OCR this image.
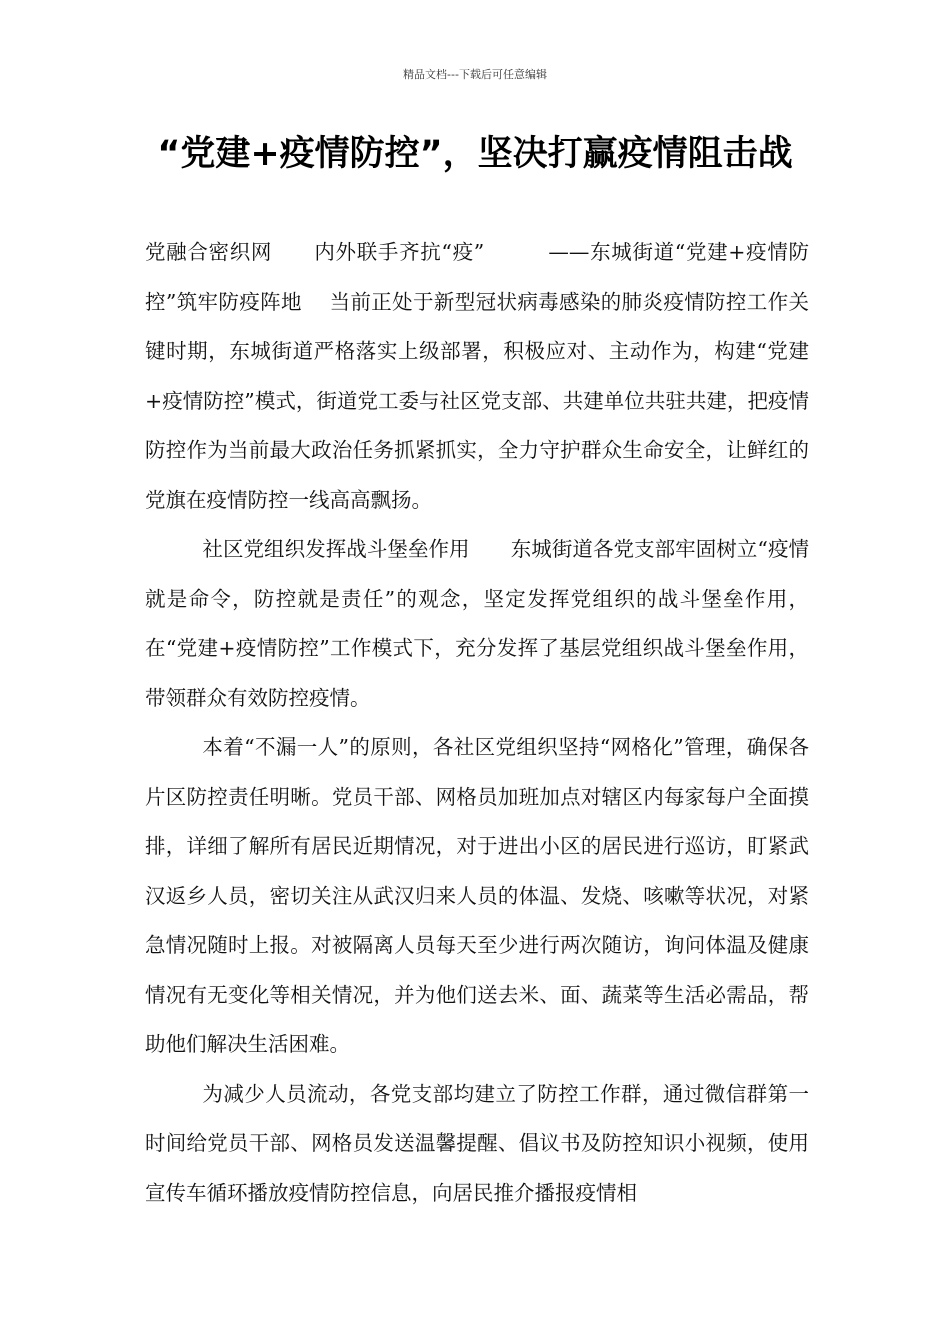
精品文档---下载后可任意编辑
“党建+疫情防控”，坚决打赢疫情阻击战

党融合密织网　　内外联手齐抗“疫”　　　——东城街道“党建+疫情防控”筑牢防疫阵地　 当前正处于新型冠状病毒感染的肺炎疫情防控工作关键时期，东城街道严格落实上级部署，积极应对、主动作为，构建“党建+疫情防控”模式，街道党工委与社区党支部、共建单位共驻共建，把疫情防控作为当前最大政治任务抓紧抓实，全力守护群众生命安全，让鲜红的党旗在疫情防控一线高高飘扬。

社区党组织发挥战斗堡垒作用　　东城街道各党支部牢固树立“疫情就是命令，防控就是责任”的观念，坚定发挥党组织的战斗堡垒作用，在“党建+疫情防控”工作模式下，充分发挥了基层党组织战斗堡垒作用，带领群众有效防控疫情。

本着“不漏一人”的原则，各社区党组织坚持“网格化”管理，确保各片区防控责任明晰。党员干部、网格员加班加点对辖区内每家每户全面摸排，详细了解所有居民近期情况，对于进出小区的居民进行巡访，盯紧武汉返乡人员，密切关注从武汉归来人员的体温、发烧、咳嗽等状况，对紧急情况随时上报。对被隔离人员每天至少进行两次随访，询问体温及健康情况有无变化等相关情况，并为他们送去米、面、蔬菜等生活必需品，帮助他们解决生活困难。

为减少人员流动，各党支部均建立了防控工作群，通过微信群第一时间给党员干部、网格员发送温馨提醒、倡议书及防控知识小视频，使用宣传车循环播放疫情防控信息，向居民推介播报疫情相
